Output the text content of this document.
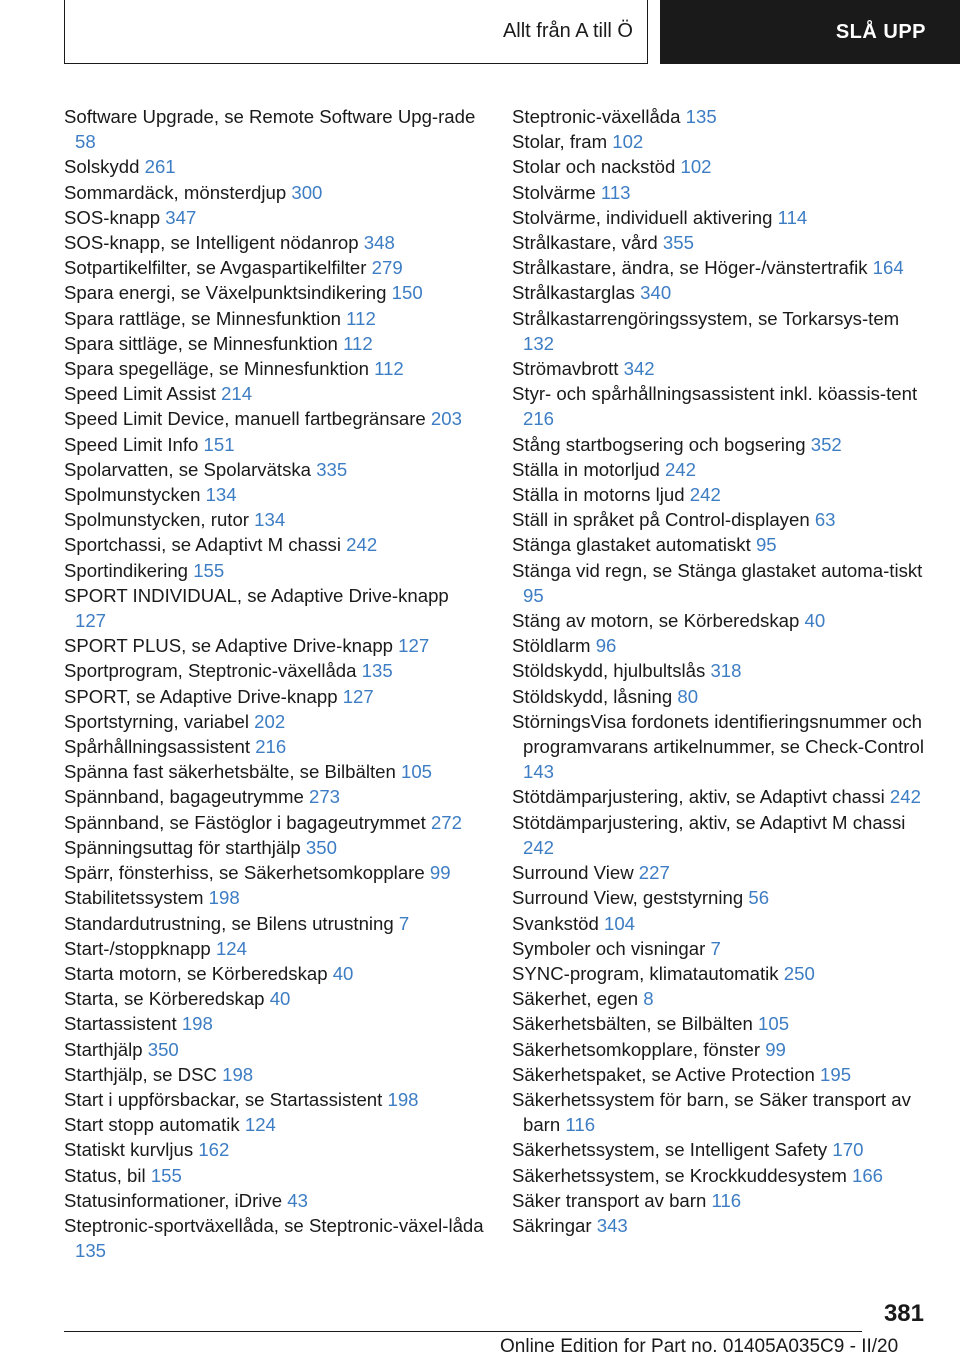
Allt från A till Ö	SLÅ UPP
Software Upgrade, se Remote Software Upg‐rade 58
Solskydd 261
Sommardäck, mönsterdjup 300
SOS-knapp 347
SOS-knapp, se Intelligent nödanrop 348
Sotpartikelfilter, se Avgaspartikelfilter 279
Spara energi, se Växelpunktsindikering 150
Spara rattläge, se Minnesfunktion 112
Spara sittläge, se Minnesfunktion 112
Spara spegelläge, se Minnesfunktion 112
Speed Limit Assist 214
Speed Limit Device, manuell fartbegränsare 203
Speed Limit Info 151
Spolarvatten, se Spolarvätska 335
Spolmunstycken 134
Spolmunstycken, rutor 134
Sportchassi, se Adaptivt M chassi 242
Sportindikering 155
SPORT INDIVIDUAL, se Adaptive Drive-knapp 127
SPORT PLUS, se Adaptive Drive-knapp 127
Sportprogram, Steptronic-växellåda 135
SPORT, se Adaptive Drive-knapp 127
Sportstyrning, variabel 202
Spårhållningsassistent 216
Spänna fast säkerhetsbälte, se Bilbälten 105
Spännband, bagageutrymme 273
Spännband, se Fästöglor i bagageutrymmet 272
Spänningsuttag för starthjälp 350
Spärr, fönsterhiss, se Säkerhetsomkopplare 99
Stabilitetssystem 198
Standardutrustning, se Bilens utrustning 7
Start-/stoppknapp 124
Starta motorn, se Körberedskap 40
Starta, se Körberedskap 40
Startassistent 198
Starthjälp 350
Starthjälp, se DSC 198
Start i uppförsbackar, se Startassistent 198
Start stopp automatik 124
Statiskt kurvljus 162
Status, bil 155
Statusinformationer, iDrive 43
Steptronic-sportväxellåda, se Steptronic-växel‐låda 135
Steptronic-växellåda 135
Stolar, fram 102
Stolar och nackstöd 102
Stolvärme 113
Stolvärme, individuell aktivering 114
Strålkastare, vård 355
Strålkastare, ändra, se Höger-/vänstertrafik 164
Strålkastarglas 340
Strålkastarrengöringssystem, se Torkarsys‐tem 132
Strömavbrott 342
Styr- och spårhållningsassistent inkl. köassis‐tent 216
Stång startbogsering och bogsering 352
Ställa in motorljud 242
Ställa in motorns ljud 242
Ställ in språket på Control-displayen 63
Stänga glastaket automatiskt 95
Stänga vid regn, se Stänga glastaket automa‐tiskt 95
Stäng av motorn, se Körberedskap 40
Stöldlarm 96
Stöldskydd, hjulbultslås 318
Stöldskydd, låsning 80
StörningsVisa fordonets identifieringsnummer och programvarans artikelnummer, se Check-Control 143
Stötdämparjustering, aktiv, se Adaptivt chassi 242
Stötdämparjustering, aktiv, se Adaptivt M chassi 242
Surround View 227
Surround View, geststyrning 56
Svankstöd 104
Symboler och visningar 7
SYNC-program, klimatautomatik 250
Säkerhet, egen 8
Säkerhetsbälten, se Bilbälten 105
Säkerhetsomkopplare, fönster 99
Säkerhetspaket, se Active Protection 195
Säkerhetssystem för barn, se Säker transport av barn 116
Säkerhetssystem, se Intelligent Safety 170
Säkerhetssystem, se Krockkuddesystem 166
Säker transport av barn 116
Säkringar 343
381
Online Edition for Part no. 01405A035C9 - II/20
